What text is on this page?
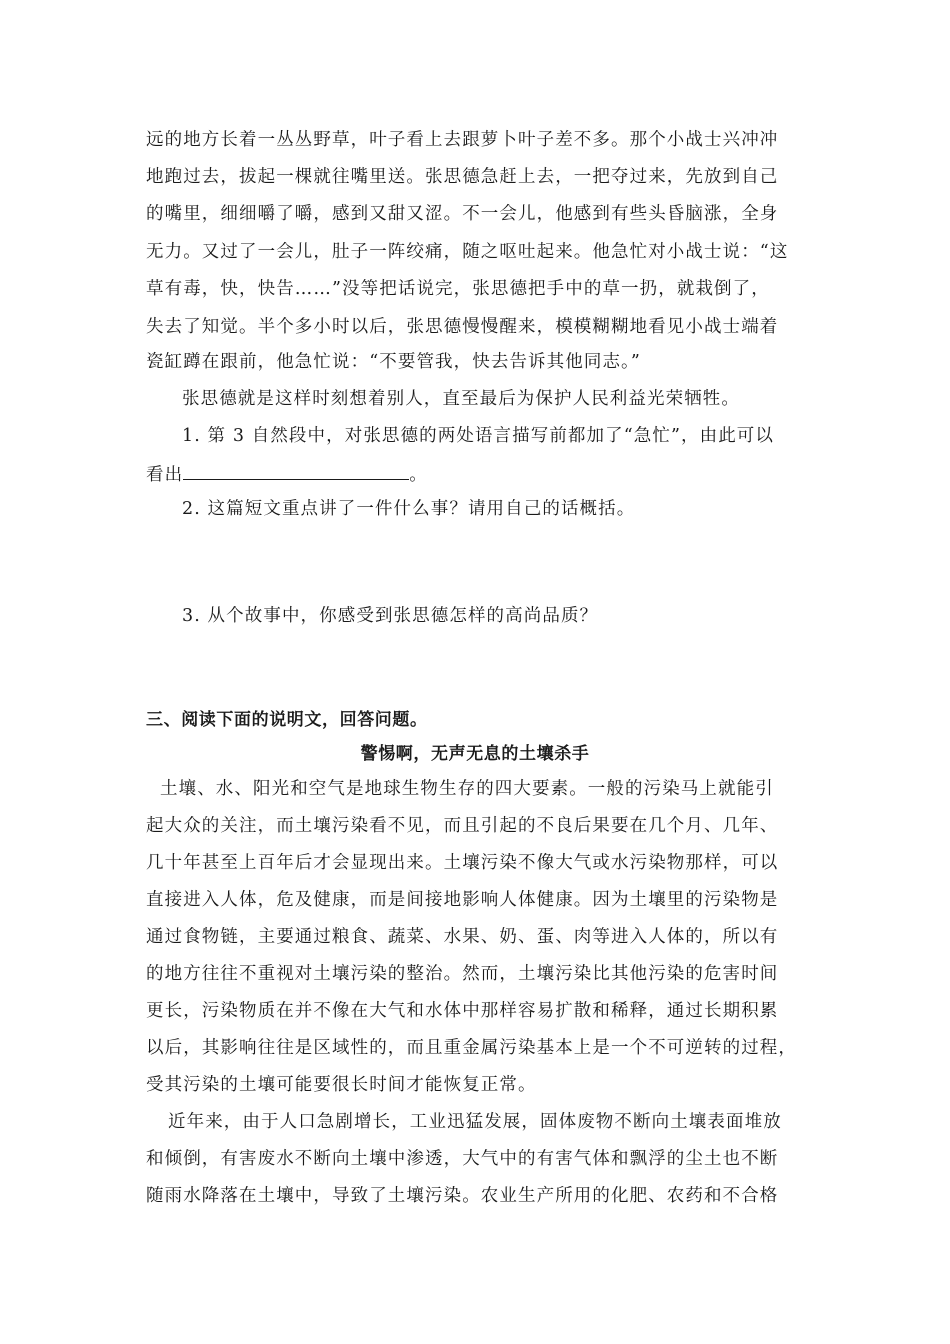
远的地方长着一丛丛野草，叶子看上去跟萝卜叶子差不多。那个小战士兴冲冲
地跑过去，拔起一棵就往嘴里送。张思德急赶上去，一把夺过来，先放到自己
的嘴里，细细嚼了嚼，感到又甜又涩。不一会儿，他感到有些头昏脑涨，全身
无力。又过了一会儿，肚子一阵绞痛，随之呕吐起来。他急忙对小战士说：“这
草有毒，快，快告……”没等把话说完，张思德把手中的草一扔，就栽倒了，
失去了知觉。半个多小时以后，张思德慢慢醒来，模模糊糊地看见小战士端着
瓷缸蹲在跟前，他急忙说：“不要管我，快去告诉其他同志。”
张思德就是这样时刻想着别人，直至最后为保护人民利益光荣牺牲。
1. 第 3 自然段中，对张思德的两处语言描写前都加了“急忙”，由此可以
看出	。
2. 这篇短文重点讲了一件什么事？请用自己的话概括。
3. 从个故事中，你感受到张思德怎样的高尚品质？
三、阅读下面的说明文，回答问题。
警惕啊，无声无息的土壤杀手
土壤、水、阳光和空气是地球生物生存的四大要素。一般的污染马上就能引
起大众的关注，而土壤污染看不见，而且引起的不良后果要在几个月、几年、
几十年甚至上百年后才会显现出来。土壤污染不像大气或水污染物那样，可以
直接进入人体，危及健康，而是间接地影响人体健康。因为土壤里的污染物是
通过食物链，主要通过粮食、蔬菜、水果、奶、蛋、肉等进入人体的，所以有
的地方往往不重视对土壤污染的整治。然而，土壤污染比其他污染的危害时间
更长，污染物质在并不像在大气和水体中那样容易扩散和稀释，通过长期积累
以后，其影响往往是区域性的，而且重金属污染基本上是一个不可逆转的过程，
受其污染的土壤可能要很长时间才能恢复正常。
近年来，由于人口急剧增长，工业迅猛发展，固体废物不断向土壤表面堆放
和倾倒，有害废水不断向土壤中渗透，大气中的有害气体和飘浮的尘土也不断
随雨水降落在土壤中，导致了土壤污染。农业生产所用的化肥、农药和不合格
